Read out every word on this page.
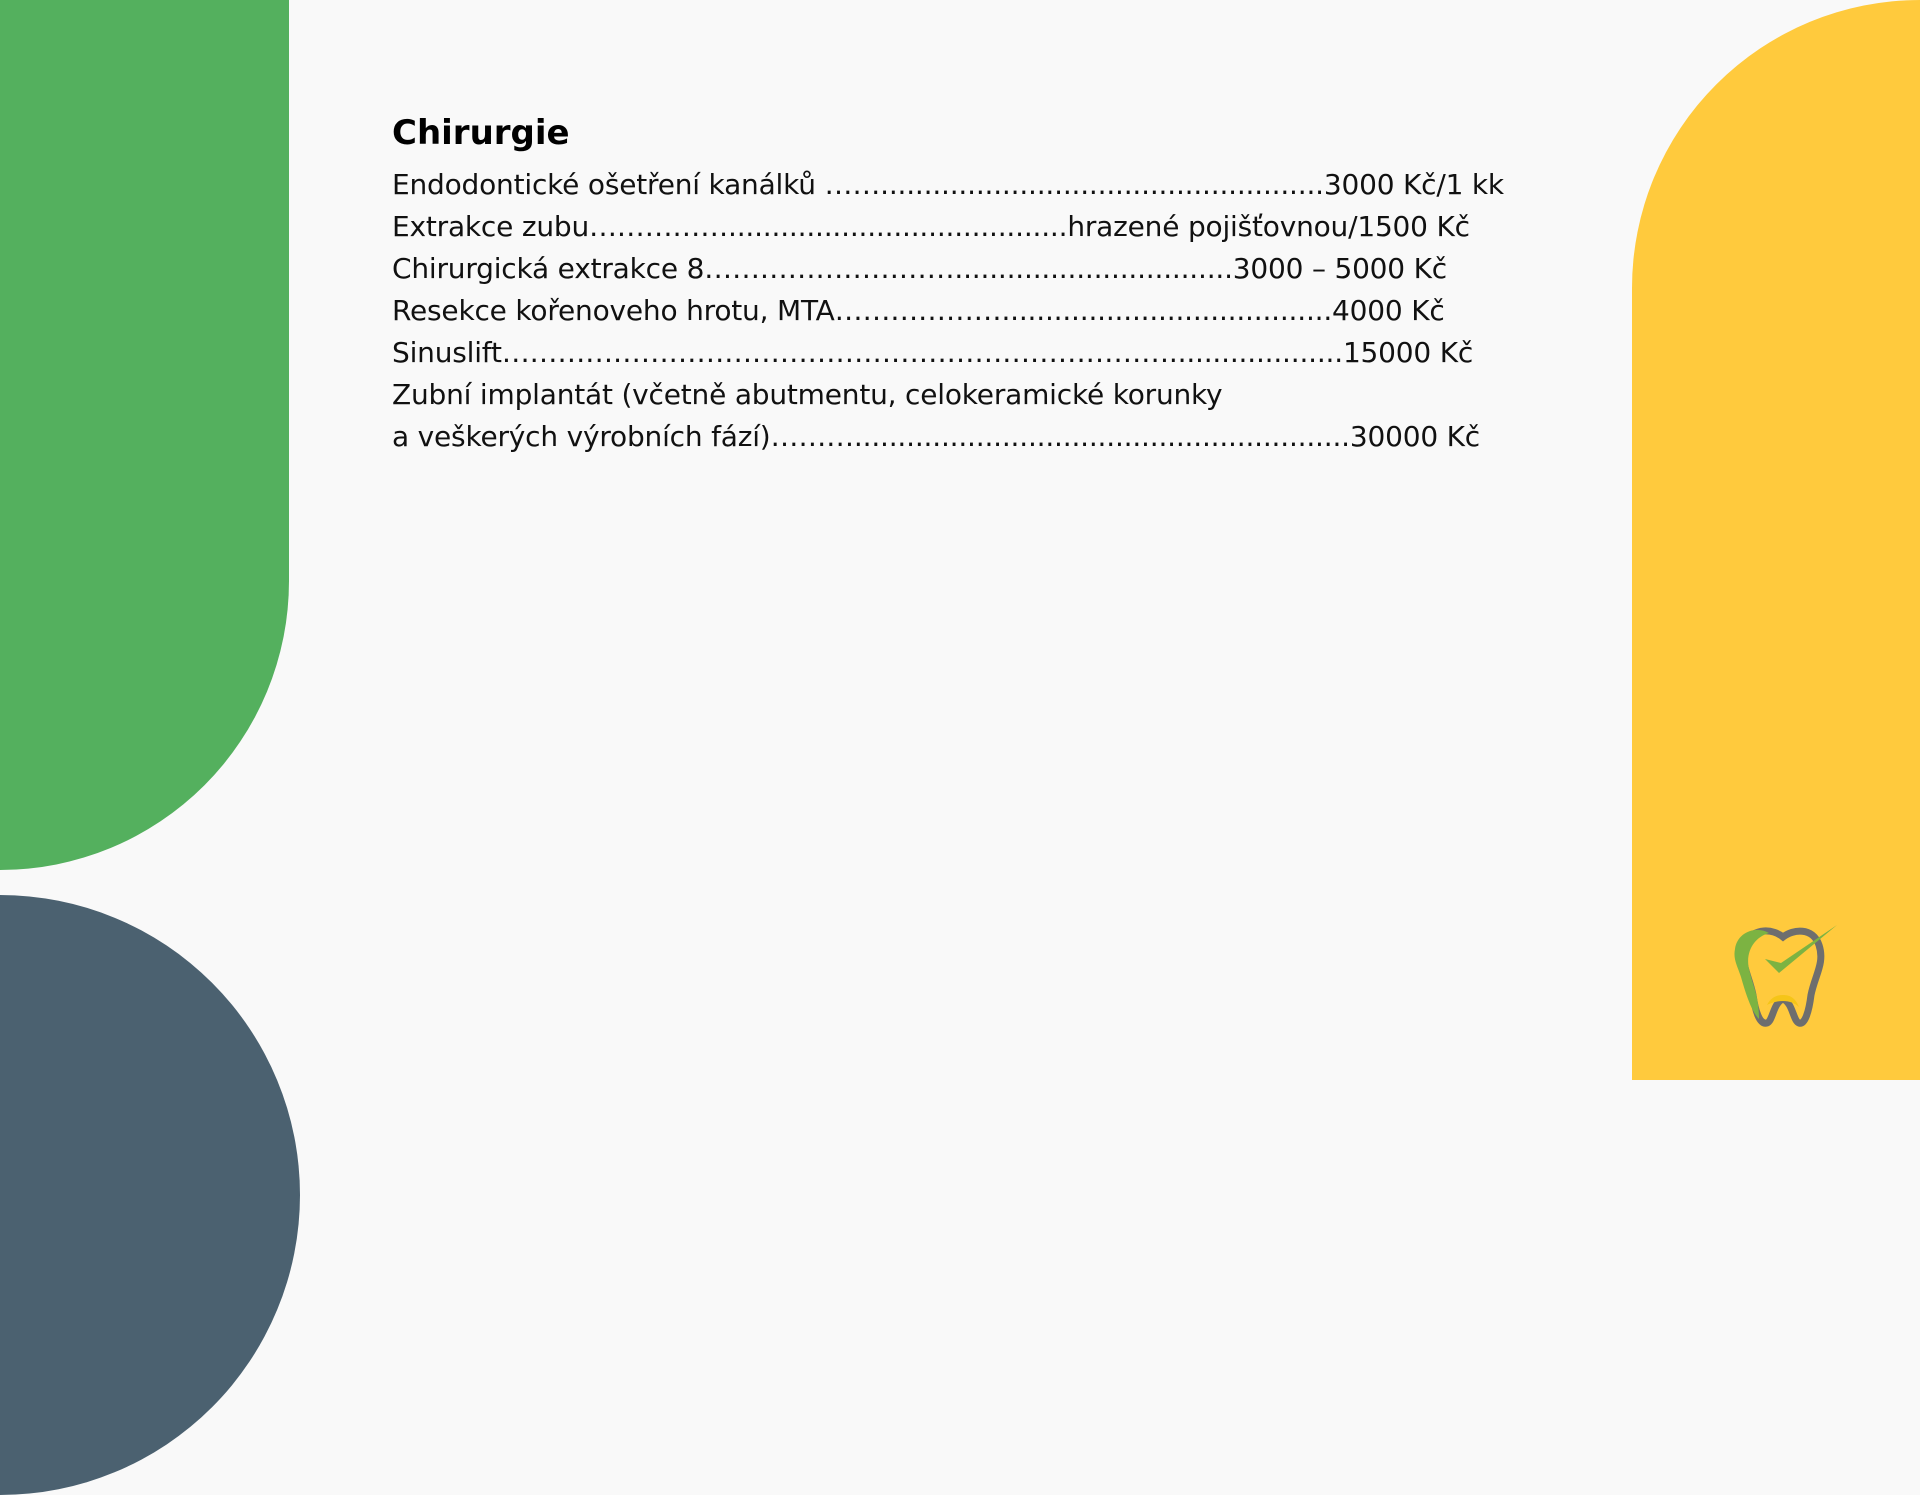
Chirurgie
Endodontické ošetření kanálků ……...................................................3000 Kč/1 kk
Extrakce zubu…………….......................................hrazené pojišťovnou/1500 Kč
Chirurgická extrakce 8………………………................................3000 – 5000 Kč
Resekce kořenoveho hrotu, MTA………………......................................4000 Kč
Sinuslift………………………………………………………………....................15000 Kč
Zubní implantát (včetně abutmentu, celokeramické korunky
a veškerých výrobních fází)……….........................................................30000 Kč
